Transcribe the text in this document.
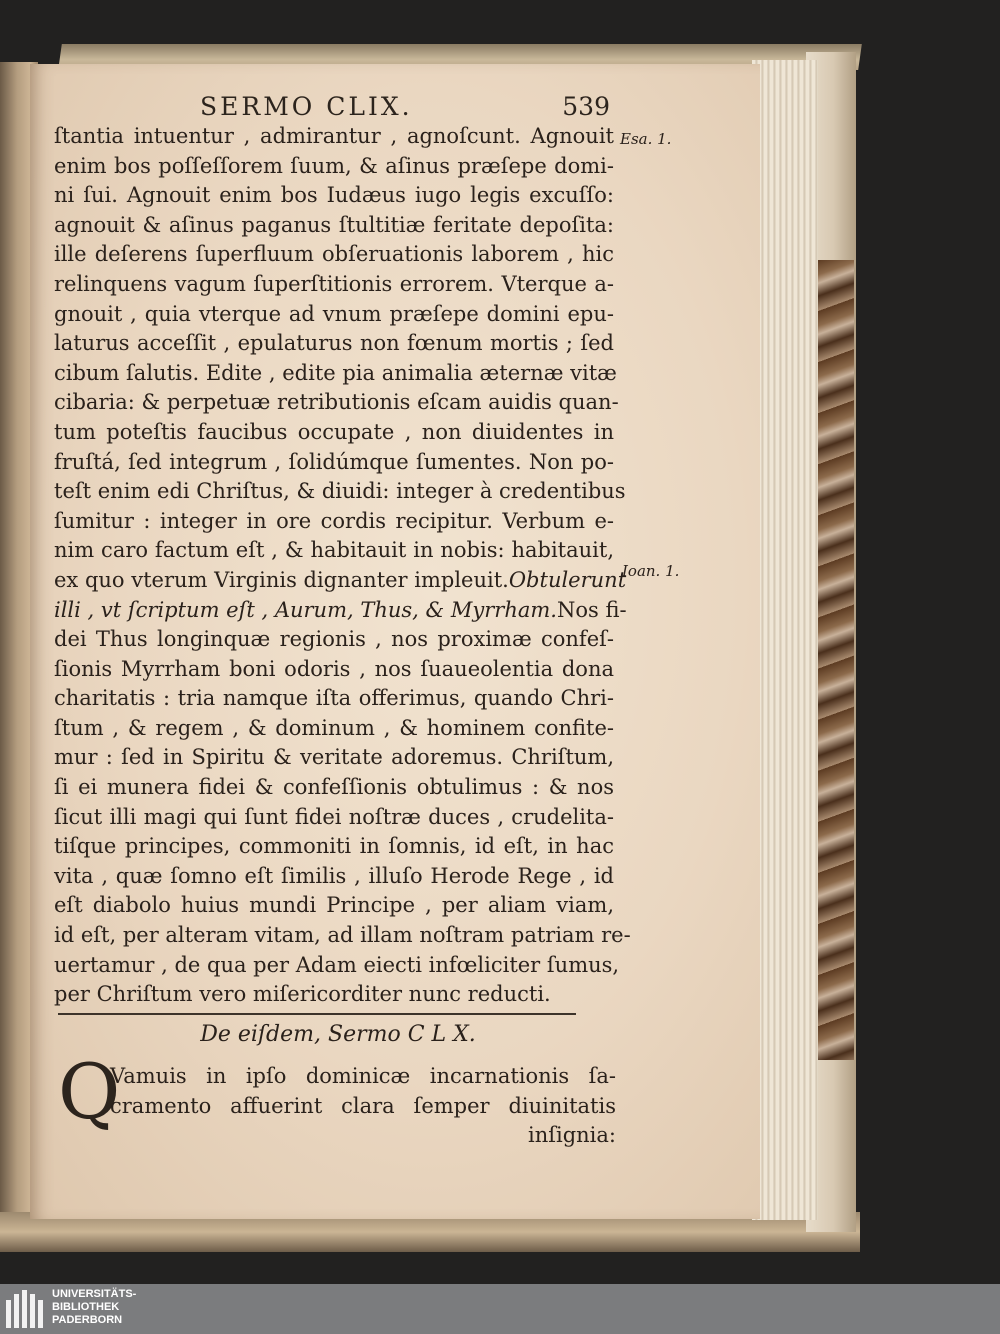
SERMO CLIX.	539
Esa. 1.
Ioan. 1.
ſtantia intuentur , admirantur , agnoſcunt. Agnouit
enim bos poſſeſſorem ſuum, & aſinus præſepe domi-
ni ſui. Agnouit enim bos Iudæus iugo legis excuſſo:
agnouit & aſinus paganus ſtultitiæ feritate depoſita:
ille deſerens ſuperfluum obſeruationis laborem , hic
relinquens vagum ſuperſtitionis errorem. Vterque a-
gnouit , quia vterque ad vnum præſepe domini epu-
laturus acceſſit , epulaturus non fœnum mortis ; ſed
cibum ſalutis. Edite , edite pia animalia æternæ vitæ
cibaria: & perpetuæ retributionis eſcam auidis quan-
tum poteſtis faucibus occupate , non diuidentes in
fruſtá, ſed integrum , ſolidúmque ſumentes. Non po-
teſt enim edi Chriſtus, & diuidi: integer à credentibus
ſumitur : integer in ore cordis recipitur. Verbum e-
nim caro factum eſt , & habitauit in nobis: habitauit,
ex quo vterum Virginis dignanter impleuit.Obtulerunt
illi , vt ſcriptum eſt , Aurum, Thus, & Myrrham.Nos fi-
dei Thus longinquæ regionis , nos proximæ confeſ-
ſionis Myrrham boni odoris , nos ſuaueolentia dona
charitatis : tria namque iſta offerimus, quando Chri-
ſtum , & regem , & dominum , & hominem confite-
mur : ſed in Spiritu & veritate adoremus. Chriſtum,
ſi ei munera fidei & confeſſionis obtulimus : & nos
ſicut illi magi qui ſunt fidei noſtræ duces , crudelita-
tiſque principes, commoniti in ſomnis, id eſt, in hac
vita , quæ ſomno eſt ſimilis , illuſo Herode Rege , id
eſt diabolo huius mundi Principe , per aliam viam,
id eſt, per alteram vitam, ad illam noſtram patriam re-
uertamur , de qua per Adam eiecti infœliciter ſumus,
per Chriſtum vero miſericorditer nunc reducti.
De eiſdem, Sermo C L X.
Q
Vamuis in ipſo dominicæ incarnationis ſa-
cramento affuerint clara ſemper diuinitatis
inſignia:
UNIVERSITÄTS-
BIBLIOTHEK
PADERBORN
